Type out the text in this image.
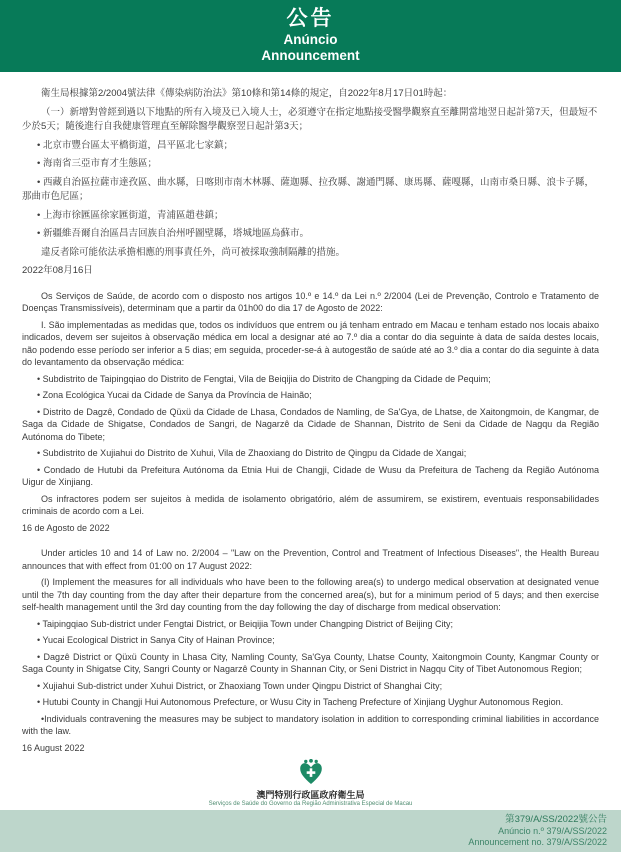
公告
Anúncio
Announcement

衛生局根據第2/2004號法律《傳染病防治法》第10條和第14條的規定，自2022年8月17日01時起：

（一）新增對曾經到過以下地點的所有入境及已入境人士，必須遵守在指定地點接受醫學觀察直至離開當地翌日起計第7天，但最短不少於5天；隨後進行自我健康管理直至解除醫學觀察翌日起計第3天；

• 北京市豐台區太平橋街道，昌平區北七家鎮；

• 海南省三亞市育才生態區；

• 西藏自治區拉薩市達孜區、曲水縣，日喀則市南木林縣、薩迦縣、拉孜縣、謝通門縣、康馬縣、薩嘎縣，山南市桑日縣、浪卡子縣，那曲市色尼區；

• 上海市徐匯區徐家匯街道，青浦區趙巷鎮；

• 新疆維吾爾自治區昌吉回族自治州呼圖壁縣，塔城地區烏蘇市。

違反者除可能依法承擔相應的刑事責任外，尚可被採取強制隔離的措施。

2022年08月16日

Os Serviços de Saúde, de acordo com o disposto nos artigos 10.º e 14.º da Lei n.º 2/2004 (Lei de Prevenção, Controlo e Tratamento de Doenças Transmissíveis), determinam que a partir da 01h00 do dia 17 de Agosto de 2022:

I. São implementadas as medidas que, todos os indivíduos que entrem ou já tenham entrado em Macau e tenham estado nos locais abaixo indicados, devem ser sujeitos à observação médica em local a designar até ao 7.º dia a contar do dia seguinte à data de saída destes locais, não podendo esse período ser inferior a 5 dias; em seguida, proceder-se-á à autogestão de saúde até ao 3.º dia a contar do dia seguinte à data do levantamento da observação médica:

• Subdistrito de Taipingqiao do Distrito de Fengtai, Vila de Beiqijia do Distrito de Changping da Cidade de Pequim;

• Zona Ecológica Yucai da Cidade de Sanya da Província de Hainão;

• Distrito de Dagzê, Condado de Qüxü da Cidade de Lhasa, Condados de Namling, de Sa'Gya, de Lhatse, de Xaitongmoin, de Kangmar, de Saga da Cidade de Shigatse, Condados de Sangri, de Nagarzê da Cidade de Shannan, Distrito de Seni da Cidade de Nagqu da Região Autónoma do Tibete;

• Subdistrito de Xujiahui do Distrito de Xuhui, Vila de Zhaoxiang do Distrito de Qingpu da Cidade de Xangai;

• Condado de Hutubi da Prefeitura Autónoma da Etnia Hui de Changji, Cidade de Wusu da Prefeitura de Tacheng da Região Autónoma Uigur de Xinjiang.

Os infractores podem ser sujeitos à medida de isolamento obrigatório, além de assumirem, se existirem, eventuais responsabilidades criminais de acordo com a Lei.

16 de Agosto de 2022

Under articles 10 and 14 of Law no. 2/2004 – "Law on the Prevention, Control and Treatment of Infectious Diseases", the Health Bureau announces that with effect from 01:00 on 17 August 2022:

(I) Implement the measures for all individuals who have been to the following area(s) to undergo medical observation at designated venue until the 7th day counting from the day after their departure from the concerned area(s), but for a minimum period of 5 days; and then exercise self-health management until the 3rd day counting from the day following the day of discharge from medical observation:

• Taipingqiao Sub-district under Fengtai District, or Beiqijia Town under Changping District of Beijing City;

• Yucai Ecological District in Sanya City of Hainan Province;

• Dagzê District or Qüxü County in Lhasa City, Namling County, Sa'Gya County, Lhatse County, Xaitongmoin County, Kangmar County or Saga County in Shigatse City, Sangri County or Nagarzê County in Shannan City, or Seni District in Nagqu City of Tibet Autonomous Region;

• Xujiahui Sub-district under Xuhui District, or Zhaoxiang Town under Qingpu District of Shanghai City;

• Hutubi County in Changji Hui Autonomous Prefecture, or Wusu City in Tacheng Prefecture of Xinjiang Uyghur Autonomous Region.

•Individuals contravening the measures may be subject to mandatory isolation in addition to corresponding criminal liabilities in accordance with the law.

16 August 2022

澳門特別行政區政府衛生局
Serviços de Saúde do Governo da Região Administrativa Especial de Macau
第379/A/SS/2022號公告
Anúncio n.º 379/A/SS/2022
Announcement no. 379/A/SS/2022
